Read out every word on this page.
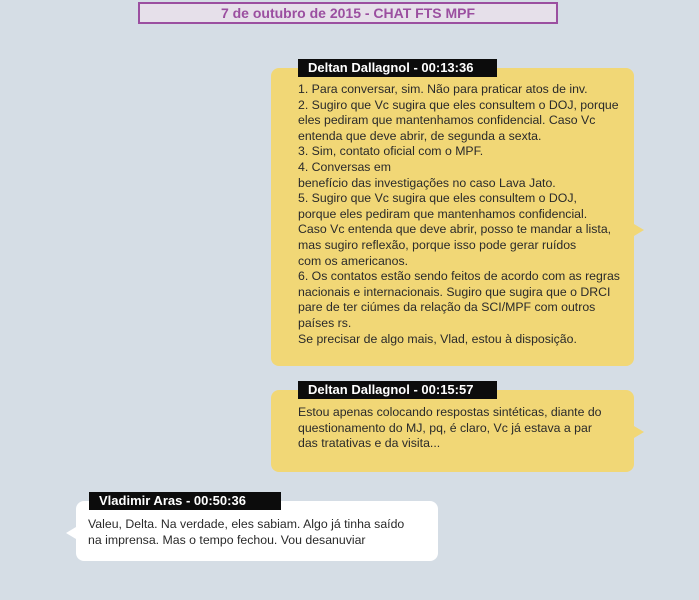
7 de outubro de 2015 - CHAT FTS MPF
1. Para conversar, sim. Não para praticar atos de inv.
2. Sugiro que Vc sugira que eles consultem o DOJ, porque
eles pediram que mantenhamos confidencial. Caso Vc
entenda que deve abrir, de segunda a sexta.
3. Sim, contato oficial com o MPF.
4. Conversas em
benefício das investigações no caso Lava Jato.
5. Sugiro que Vc sugira que eles consultem o DOJ,
porque eles pediram que mantenhamos confidencial.
Caso Vc entenda que deve abrir, posso te mandar a lista,
mas sugiro reflexão, porque isso pode gerar ruídos
com os americanos.
6. Os contatos estão sendo feitos de acordo com as regras
nacionais e internacionais. Sugiro que sugira que o DRCI
pare de ter ciúmes da relação da SCI/MPF com outros
países rs.
Se precisar de algo mais, Vlad, estou à disposição.
Deltan Dallagnol - 00:13:36
Estou apenas colocando respostas sintéticas, diante do
questionamento do MJ, pq, é claro, Vc já estava a par
das tratativas e da visita...
Deltan Dallagnol - 00:15:57
Valeu, Delta. Na verdade, eles sabiam. Algo já tinha saído
na imprensa. Mas o tempo fechou. Vou desanuviar
Vladimir Aras - 00:50:36
